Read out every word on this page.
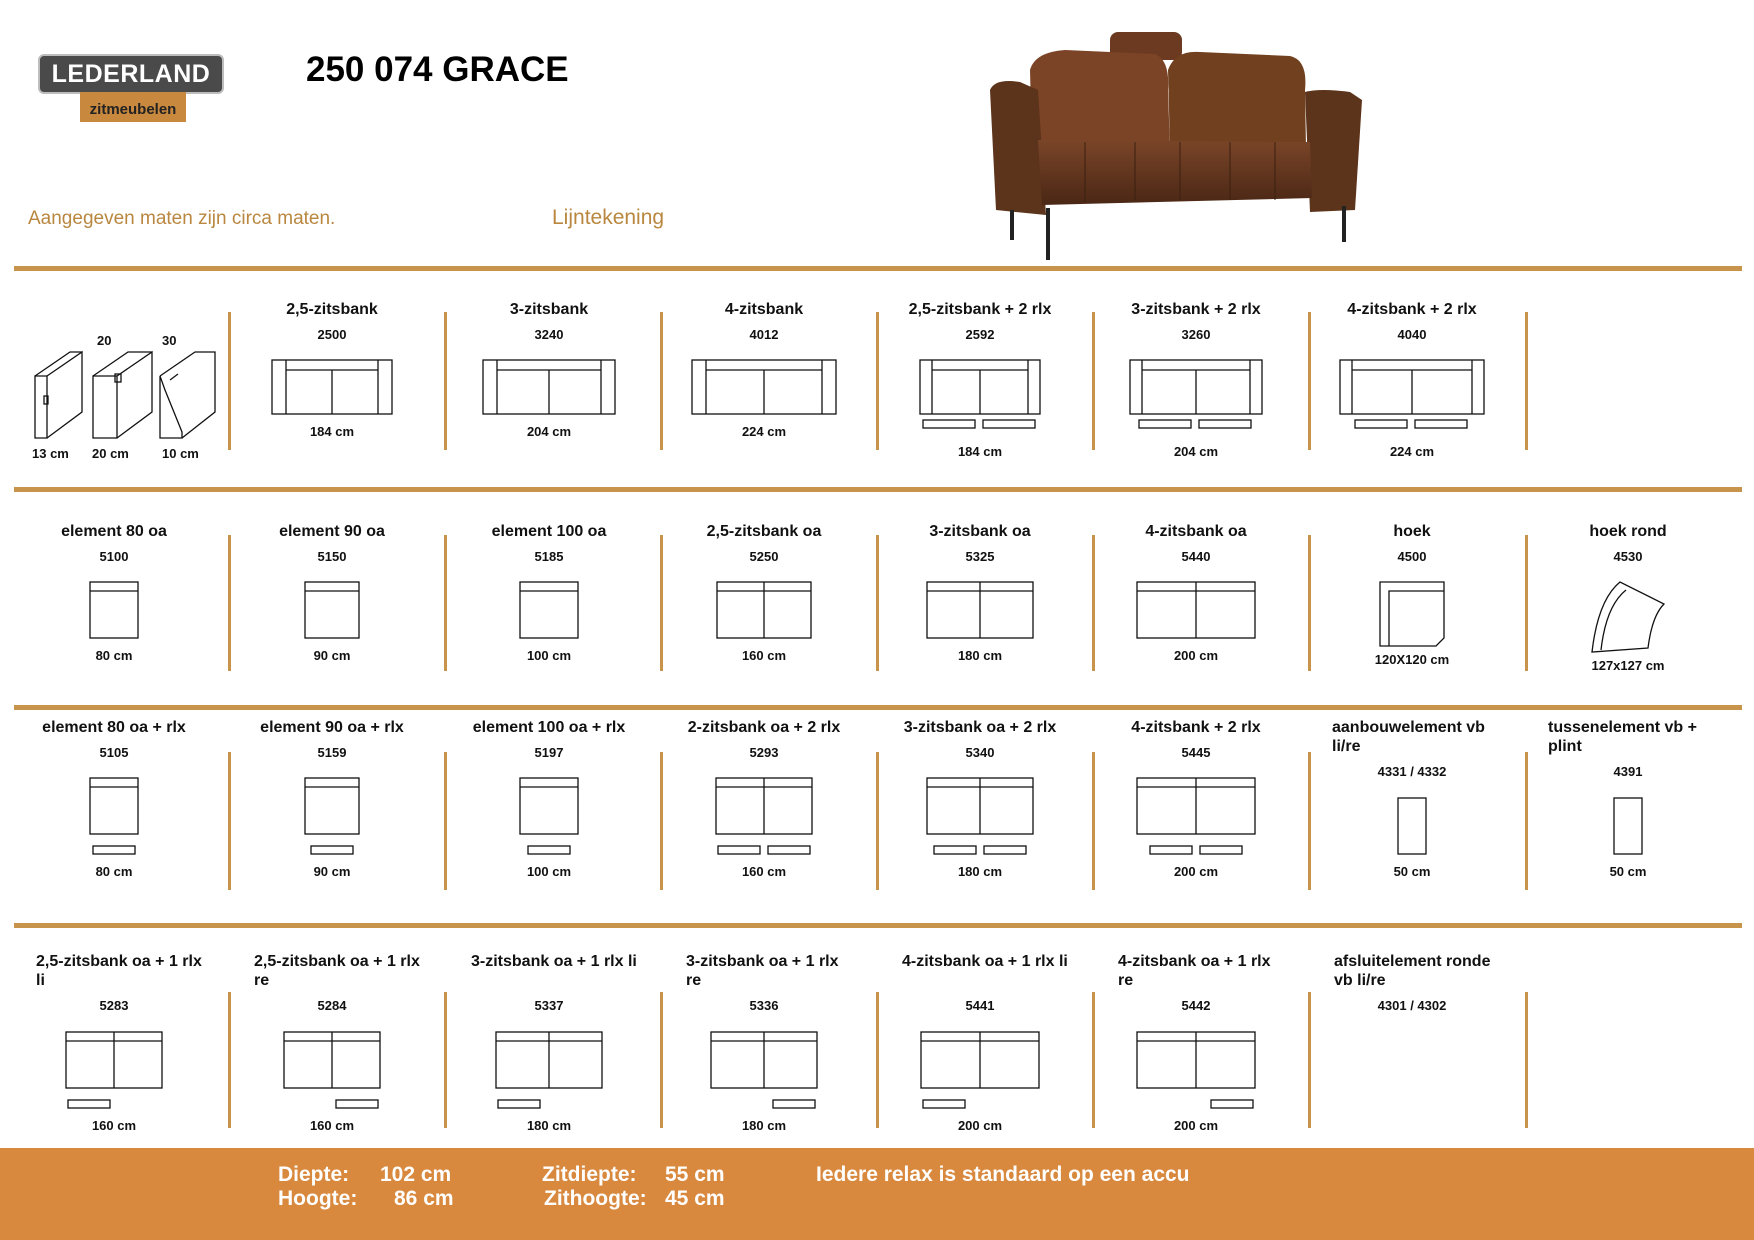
LEDERLAND
zitmeubelen
250 074 GRACE
Aangegeven maten zijn circa maten.	Lijntekening
2,5-zitsbank
2500
184 cm
3-zitsbank
3240
204 cm
4-zitsbank
4012
224 cm
2,5-zitsbank + 2 rlx
2592
184 cm
3-zitsbank + 2 rlx
3260
204 cm
4-zitsbank + 2 rlx
4040
224 cm
element 80 oa
5100
80 cm
element 90 oa
5150
90 cm
element 100 oa
5185
100 cm
2,5-zitsbank oa
5250
160 cm
3-zitsbank oa
5325
180 cm
4-zitsbank oa
5440
200 cm
hoek
4500
120X120 cm
hoek rond
4530
127x127 cm
element 80 oa + rlx
5105
80 cm
element 90 oa + rlx
5159
90 cm
element 100 oa + rlx
5197
100 cm
2-zitsbank oa + 2 rlx
5293
160 cm
3-zitsbank oa + 2 rlx
5340
180 cm
4-zitsbank + 2 rlx
5445
200 cm
aanbouwelement vb li/re
4331 / 4332
50 cm
tussenelement vb + plint
4391
50 cm
2,5-zitsbank oa + 1 rlx li
5283
160 cm
2,5-zitsbank oa + 1 rlx re
5284
160 cm
3-zitsbank oa + 1 rlx li
5337
180 cm
3-zitsbank oa + 1 rlx re
5336
180 cm
4-zitsbank oa + 1 rlx li
5441
200 cm
4-zitsbank oa + 1 rlx re
5442
200 cm
afsluitelement ronde vb li/re
4301 / 4302
20	30
13 cm 20 cm	10 cm
Diepte: 102 cm
Hoogte: 86 cm
Zitdiepte: 55 cm
Zithoogte: 45 cm
Iedere relax is standaard op een accu
